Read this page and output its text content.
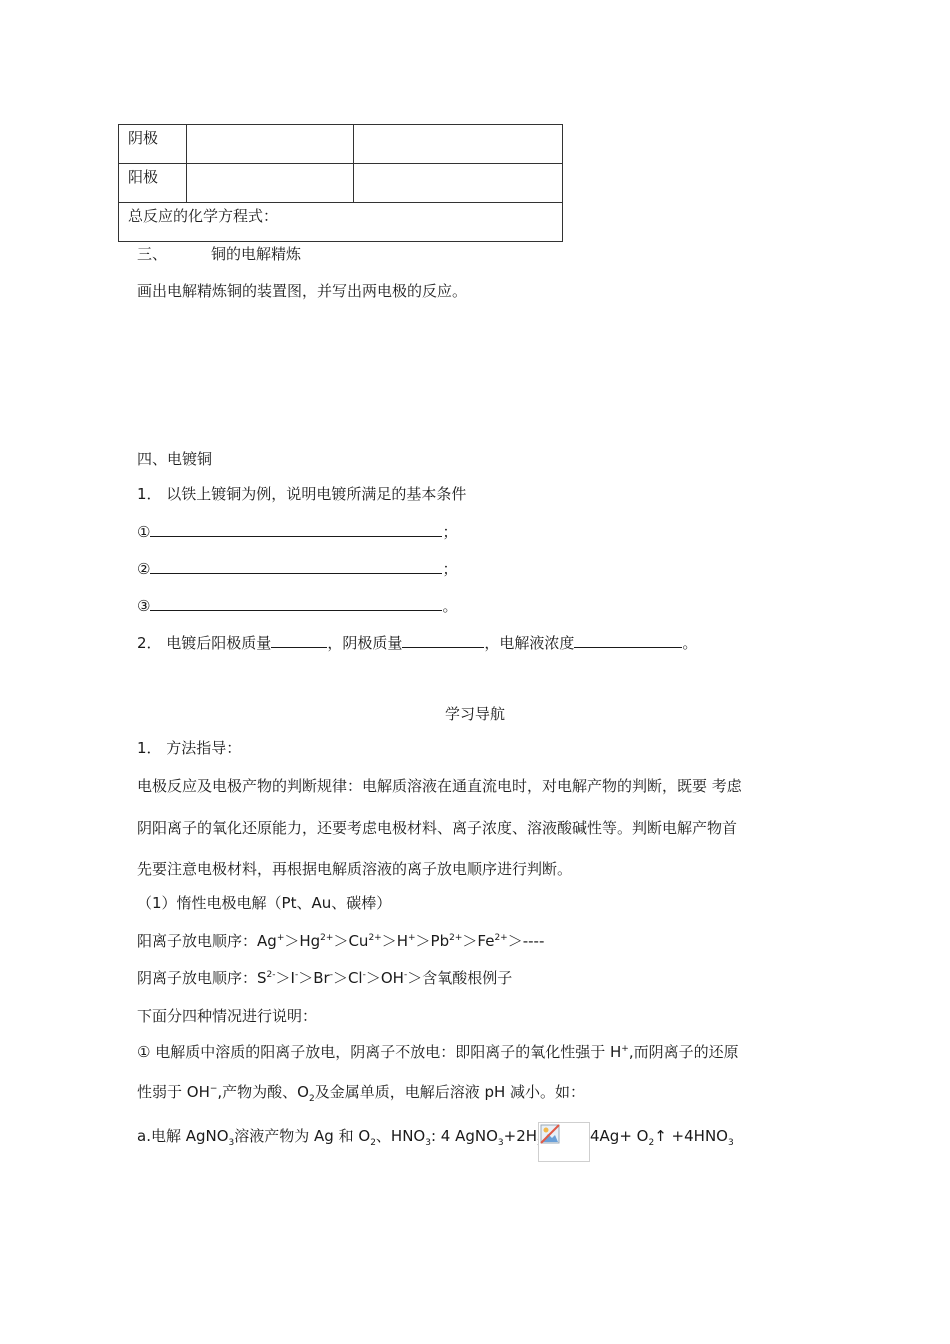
阴极		
阳极		
总反应的化学方程式：		
三、	铜的电解精炼
画出电解精炼铜的装置图，并写出两电极的反应。
四、电镀铜
1． 以铁上镀铜为例，说明电镀所满足的基本条件
①	；
②	；
③	。
2． 电镀后阳极质量	，阴极质量	，电解液浓度	。
学习导航
1． 方法指导：
电极反应及电极产物的判断规律：电解质溶液在通直流电时，对电解产物的判断，既要 考虑
阴阳离子的氧化还原能力，还要考虑电极材料、离子浓度、溶液酸碱性等。判断电解产物首
先要注意电极材料，再根据电解质溶液的离子放电顺序进行判断。
（1）惰性电极电解（Pt、Au、碳棒）
阳离子放电顺序：$Ag^+>Hg^{2+}>Cu^{2+}>H^+>Pb^{2+}>Fe^{2+}>----$
阴离子放电顺序：$S^{2-}>I^->Br^->Cl^->OH^->$含氧酸根例子
下面分四种情况进行说明：
① 电解质中溶质的阳离子放电，阴离子不放电：即阳离子的氧化性强于 H+,而阴离子的还原
性弱于 OH−,产物为酸、$O_2$及金属单质，电解后溶液 pH 减小。如：
a.电解 AgNO$_3$溶液产物为 Ag 和 $O_2$、$HNO_3$: 4 AgNO$_3$+2H	$4Ag+ O_2↑ +4HNO_3$
